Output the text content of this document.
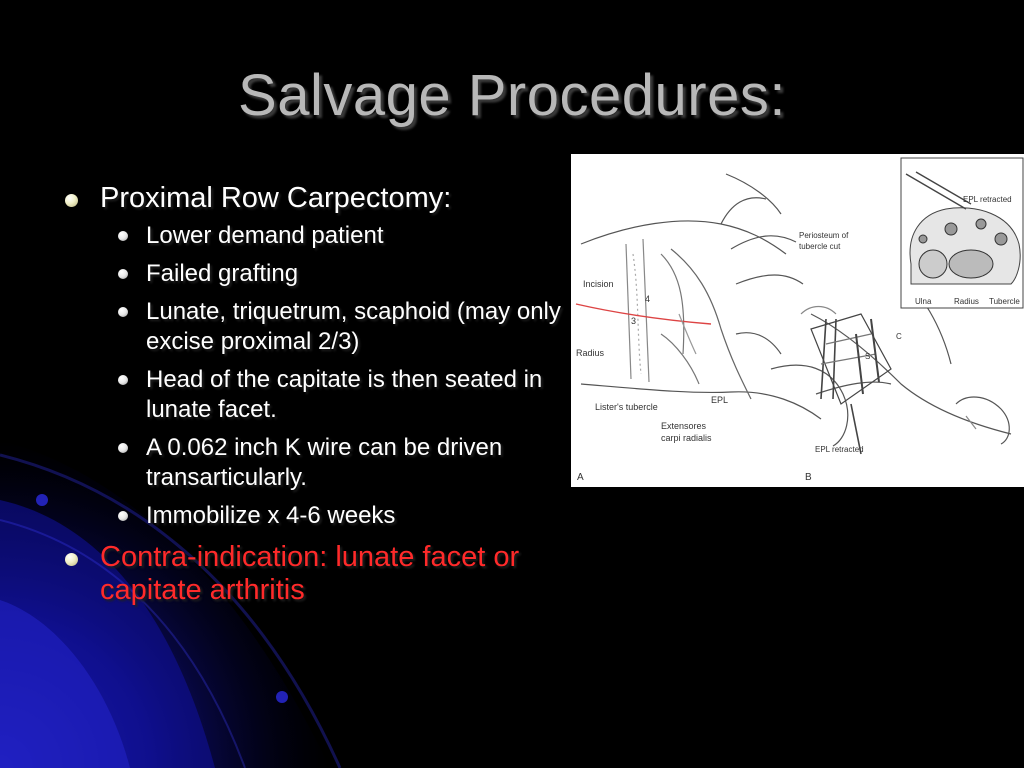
Salvage Procedures:
Proximal Row Carpectomy:
Lower demand patient
Failed grafting
Lunate, triquetrum, scaphoid (may only excise proximal 2/3)
Head of the capitate is then seated in lunate facet.
A 0.062 inch K wire can be driven transarticularly.
Immobilize x 4-6 weeks
Contra-indication: lunate facet or capitate arthritis
Incision
Radius
Lister's tubercle
EPL
Extensores
carpi radialis
4
3
A
Periosteum of
tubercle cut
EPL retracted
C
S
B
EPL retracted
Ulna	Radius Tubercle
